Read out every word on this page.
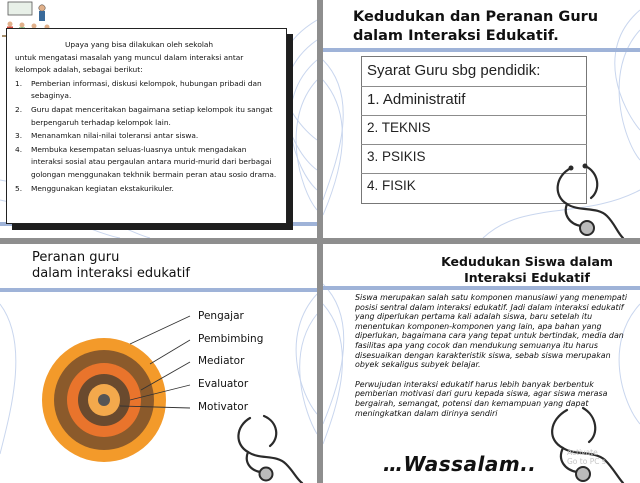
Upaya yang bisa dilakukan oleh sekolah
untuk mengatasi masalah yang muncul dalam interaksi antar kelompok adalah, sebagai berikut:
1. Pemberian informasi, diskusi kelompok, hubungan pribadi dan sebaginya.
2. Guru dapat menceritakan bagaimana setiap kelompok itu sangat berpengaruh terhadap kelompok lain.
3. Menanamkan nilai-nilai toleransi antar siswa.
4. Membuka kesempatan seluas-luasnya untuk mengadakan interaksi sosial atau pergaulan antara murid-murid dari berbagai golongan menggunakan tekhnik bermain peran atau sosio drama.
5. Menggunakan kegiatan ekstakurikuler.
Kedudukan dan Peranan Guru
dalam Interaksi Edukatif.
Syarat Guru sbg pendidik:
1. Administratif
2. TEKNIS
3. PSIKIS
4. FISIK
Peranan guru
dalam interaksi edukatif
Pengajar
Pembimbing
Mediator
Evaluator
Motivator
Kedudukan Siswa dalam
Interaksi Edukatif

Siswa merupakan salah satu komponen manusiawi yang menempati posisi sentral dalam interaksi edukatif. Jadi dalam interaksi edukatif yang diperlukan pertama kali adalah siswa, baru setelah itu menentukan komponen-komponen yang lain, apa bahan yang diperlukan, bagaimana cara yang tepat untuk bertindak, media dan fasilitas apa yang cocok dan mendukung semuanya itu harus disesuaikan dengan karakteristik siswa, sebab siswa merupakan obyek sekaligus subyek belajar.

Perwujudan interaksi edukatif harus lebih banyak berbentuk pemberian motivasi dari guru kepada siswa, agar siswa merasa bergairah, semangat, potensi dan kemampuan yang dapat meningkatkan dalam dirinya sendiri

…Wassalam..	Activate
Go to PC s
